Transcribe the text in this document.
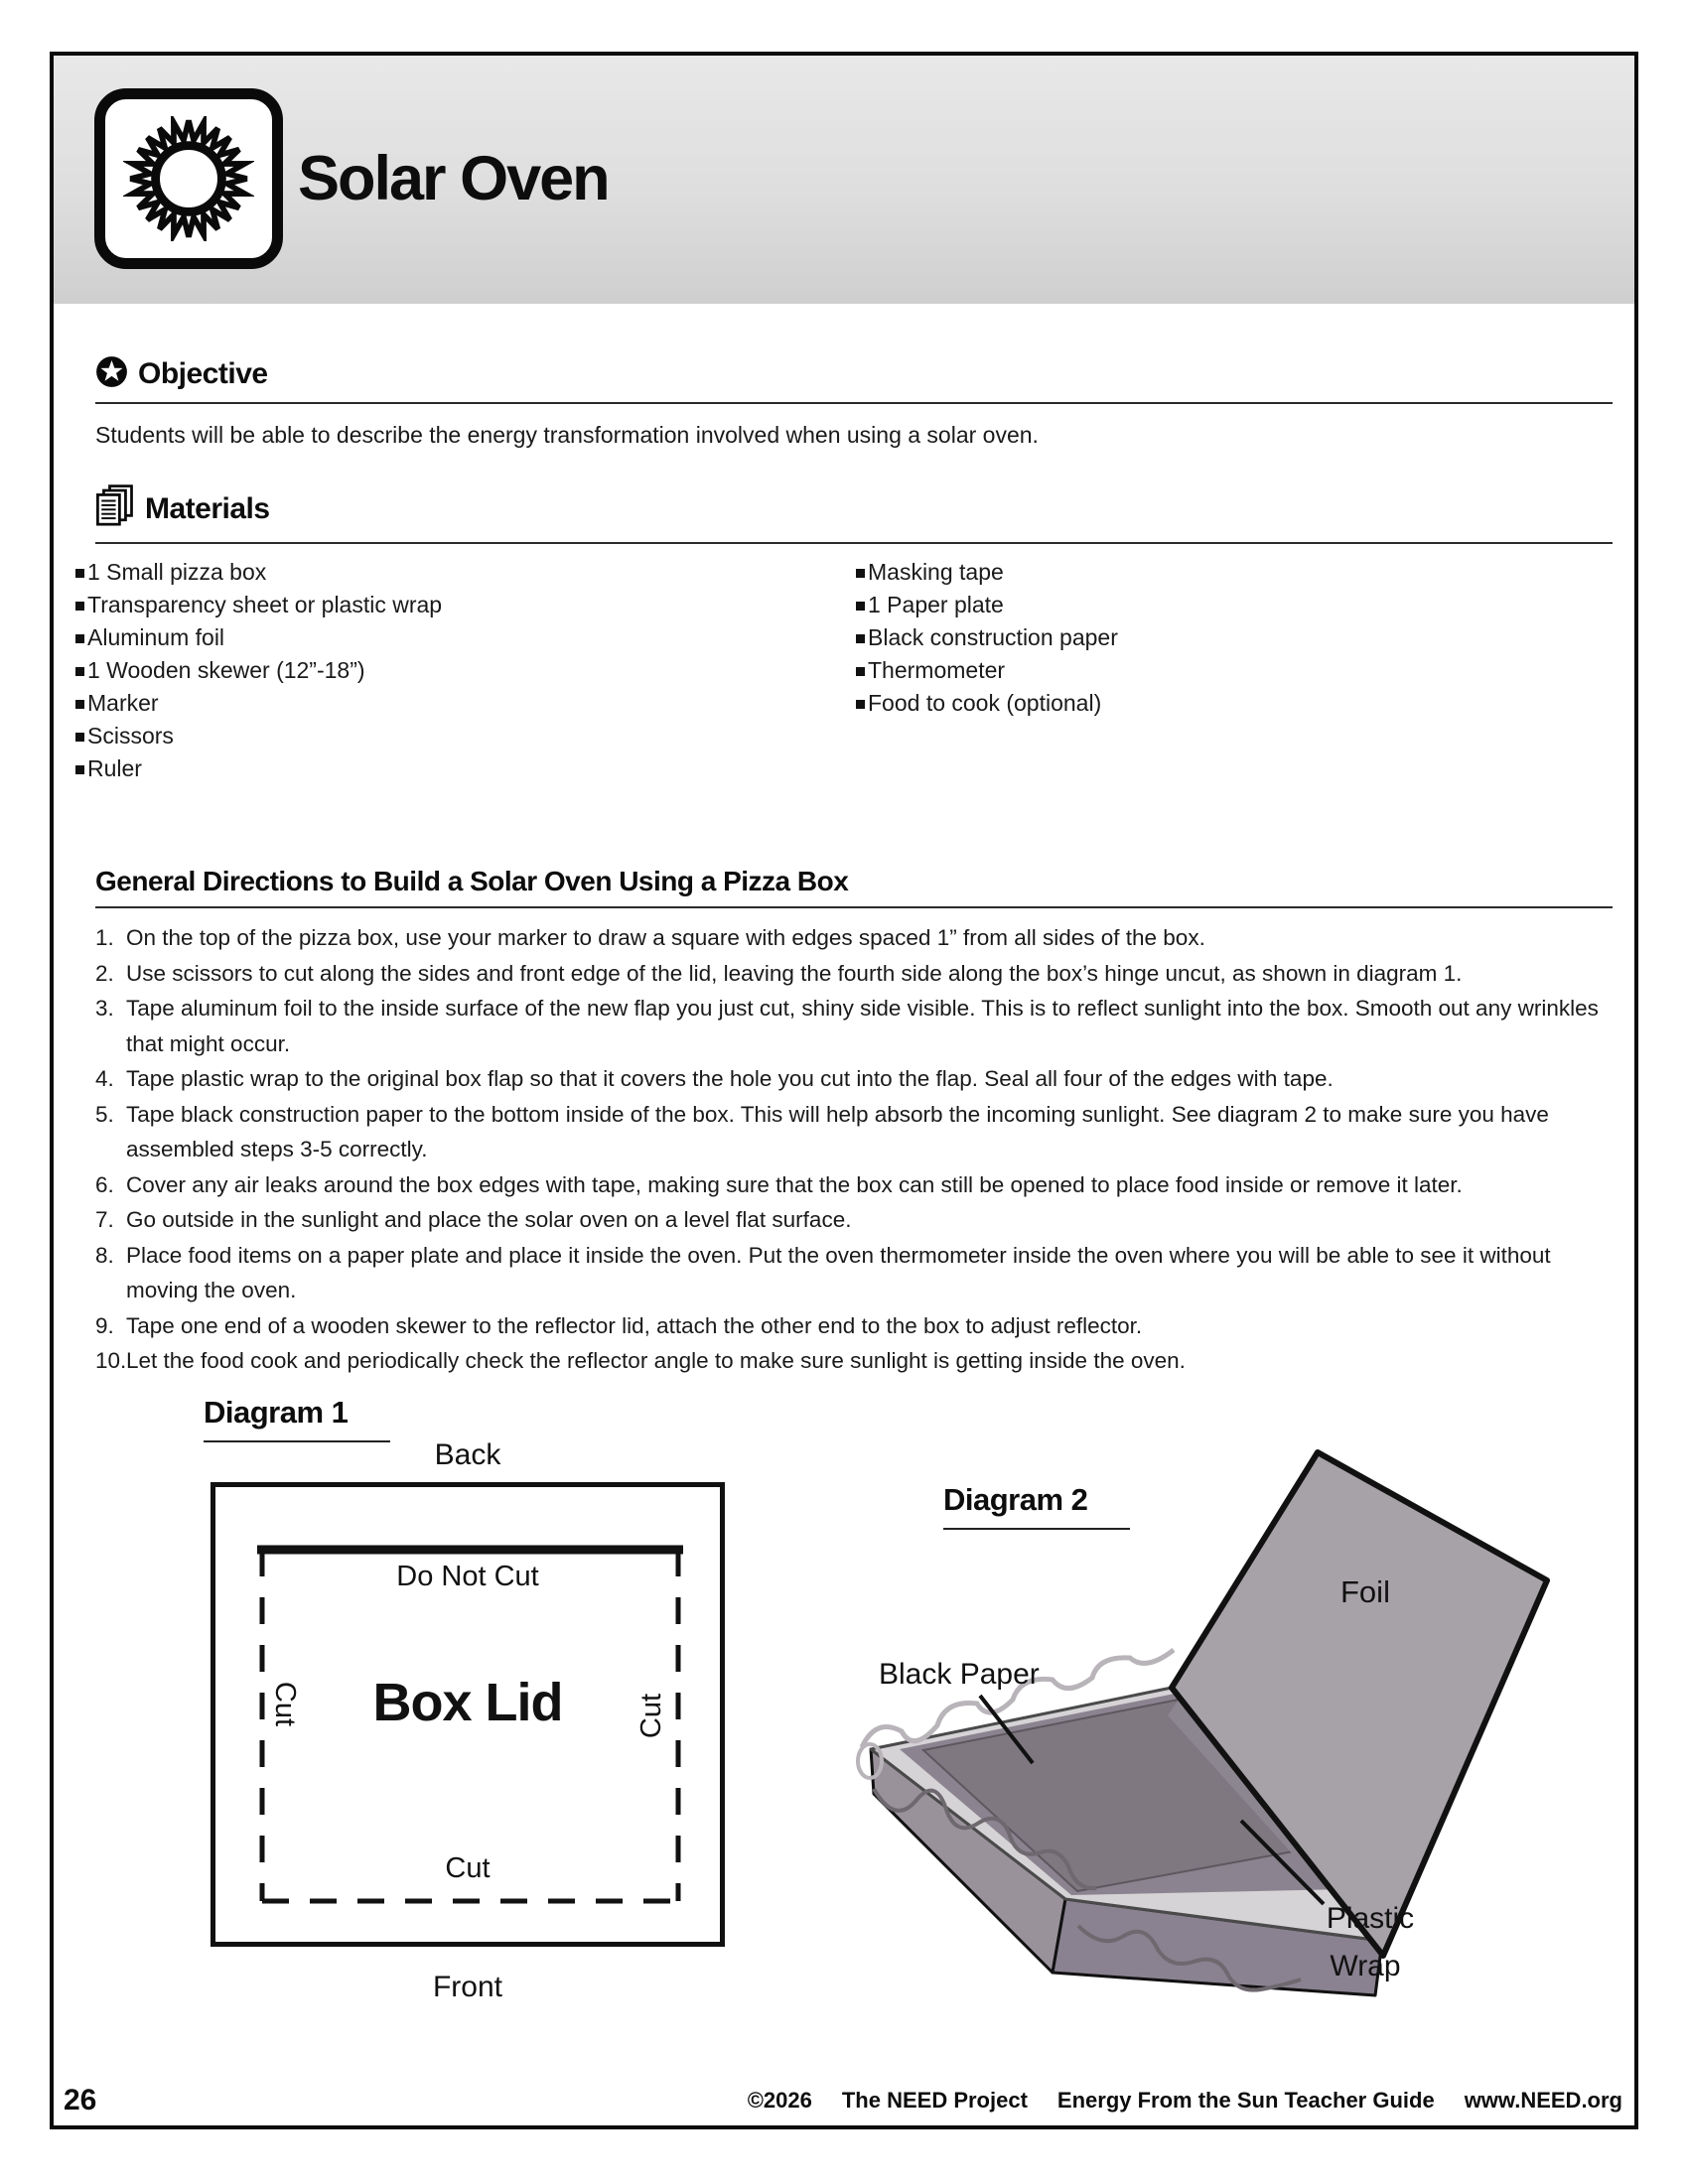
Solar Oven
Objective

Students will be able to describe the energy transformation involved when using a solar oven.

Materials
1 Small pizza box
Transparency sheet or plastic wrap
Aluminum foil
1 Wooden skewer (12”-18”)
Marker
Scissors
Ruler
Masking tape
1 Paper plate
Black construction paper
Thermometer
Food to cook (optional)
General Directions to Build a Solar Oven Using a Pizza Box
1. On the top of the pizza box, use your marker to draw a square with edges spaced 1” from all sides of the box.
2. Use scissors to cut along the sides and front edge of the lid, leaving the fourth side along the box’s hinge uncut, as shown in diagram 1.
3. Tape aluminum foil to the inside surface of the new flap you just cut, shiny side visible. This is to reflect sunlight into the box. Smooth out any wrinkles that might occur.
4. Tape plastic wrap to the original box flap so that it covers the hole you cut into the flap. Seal all four of the edges with tape.
5. Tape black construction paper to the bottom inside of the box. This will help absorb the incoming sunlight. See diagram 2 to make sure you have assembled steps 3-5 correctly.
6. Cover any air leaks around the box edges with tape, making sure that the box can still be opened to place food inside or remove it later.
7. Go outside in the sunlight and place the solar oven on a level flat surface.
8. Place food items on a paper plate and place it inside the oven. Put the oven thermometer inside the oven where you will be able to see it without moving the oven.
9. Tape one end of a wooden skewer to the reflector lid, attach the other end to the box to adjust reflector.
10. Let the food cook and periodically check the reflector angle to make sure sunlight is getting inside the oven.
Diagram 1
Back
Do Not Cut
Box Lid
Cut	Cut
Cut
Front
Diagram 2
Foil
Black Paper
Plastic
Wrap
26	©2026 The NEED Project Energy From the Sun Teacher Guide www.NEED.org
